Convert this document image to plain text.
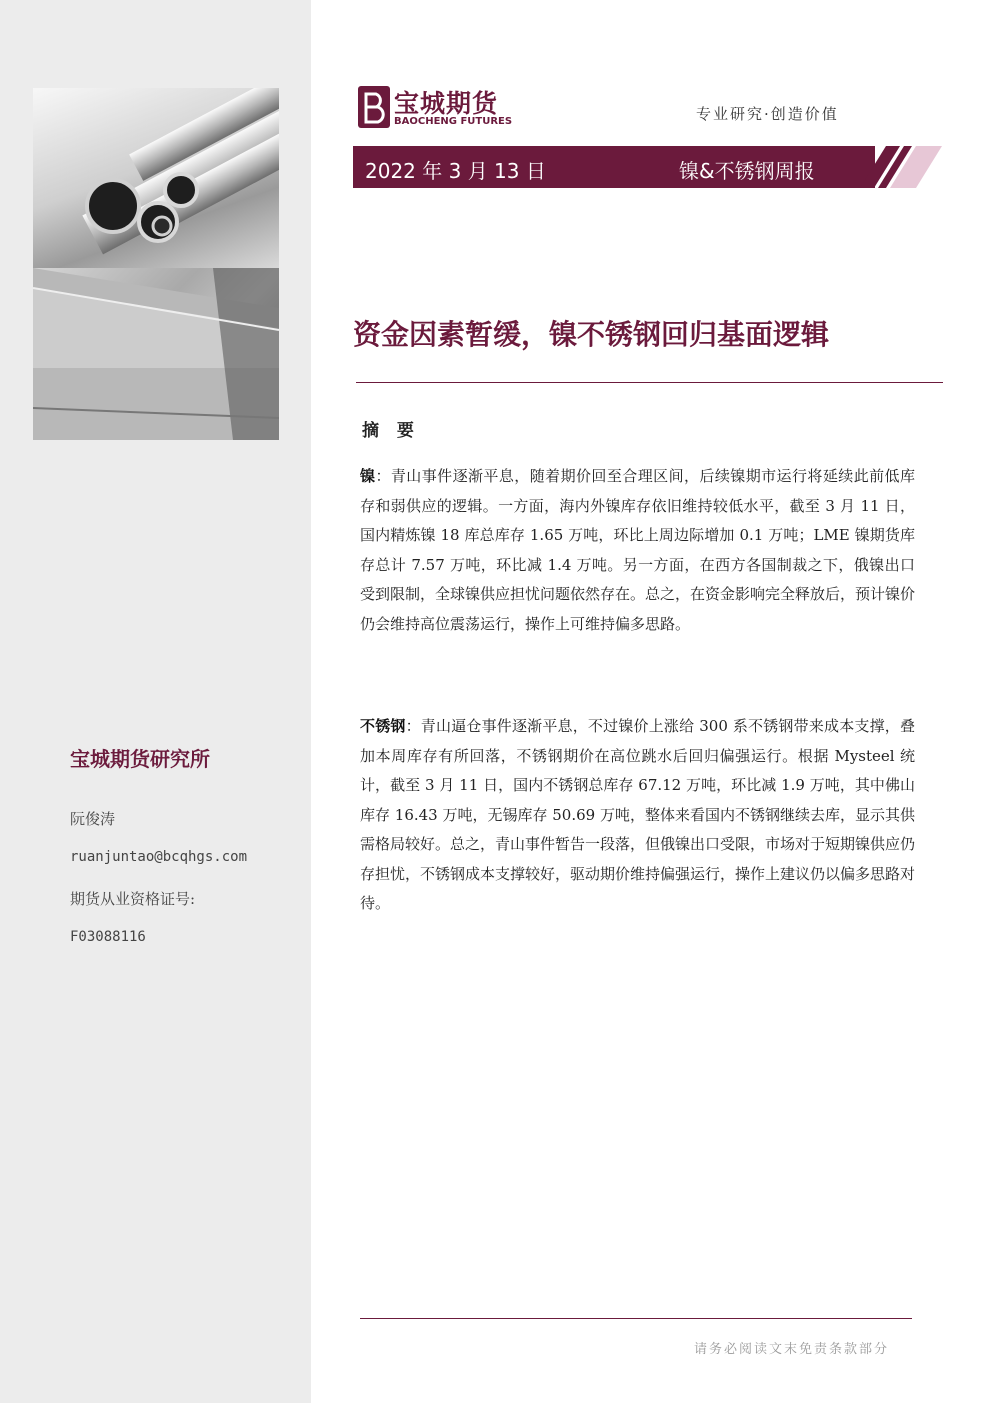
宝城期货研究所
阮俊涛
ruanjuntao@bcqhgs.com
期货从业资格证号:
F03088116
宝城期货
BAOCHENG FUTURES	专业研究·创造价值
2022 年 3 月 13 日	镍&不锈钢周报
资金因素暂缓，镍不锈钢回归基面逻辑
摘 要
镍：青山事件逐渐平息，随着期价回至合理区间，后续镍期市运行将延续此前低库存和弱供应的逻辑。一方面，海内外镍库存依旧维持较低水平，截至 3 月 11 日，国内精炼镍 18 库总库存 1.65 万吨，环比上周边际增加 0.1 万吨；LME 镍期货库存总计 7.57 万吨，环比减 1.4 万吨。另一方面，在西方各国制裁之下，俄镍出口受到限制，全球镍供应担忧问题依然存在。总之，在资金影响完全释放后，预计镍价仍会维持高位震荡运行，操作上可维持偏多思路。
不锈钢：青山逼仓事件逐渐平息，不过镍价上涨给 300 系不锈钢带来成本支撑，叠加本周库存有所回落，不锈钢期价在高位跳水后回归偏强运行。根据 Mysteel 统计，截至 3 月 11 日，国内不锈钢总库存 67.12 万吨，环比减 1.9 万吨，其中佛山库存 16.43 万吨，无锡库存 50.69 万吨，整体来看国内不锈钢继续去库，显示其供需格局较好。总之，青山事件暂告一段落，但俄镍出口受限，市场对于短期镍供应仍存担忧，不锈钢成本支撑较好，驱动期价维持偏强运行，操作上建议仍以偏多思路对待。
请务必阅读文末免责条款部分
